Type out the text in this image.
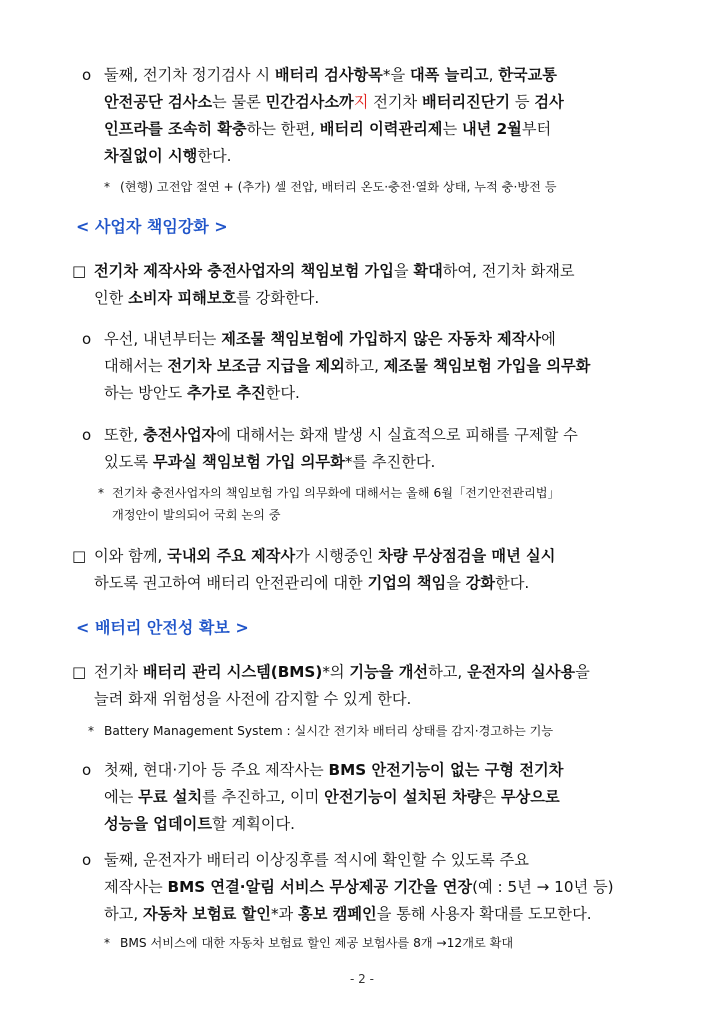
ο 둘째, 전기차 정기검사 시 배터리 검사항목*을 대폭 늘리고, 한국교통
안전공단 검사소는 물론 민간검사소까지 전기차 배터리진단기 등 검사
인프라를 조속히 확충하는 한편, 배터리 이력관리제는 내년 2월부터
차질없이 시행한다.
* (현행) 고전압 절연 + (추가) 셀 전압, 배터리 온도·충전·열화 상태, 누적 충·방전 등
< 사업자 책임강화 >
□ 전기차 제작사와 충전사업자의 책임보험 가입을 확대하여, 전기차 화재로
인한 소비자 피해보호를 강화한다.
ο 우선, 내년부터는 제조물 책임보험에 가입하지 않은 자동차 제작사에
대해서는 전기차 보조금 지급을 제외하고, 제조물 책임보험 가입을 의무화
하는 방안도 추가로 추진한다.
ο 또한, 충전사업자에 대해서는 화재 발생 시 실효적으로 피해를 구제할 수
있도록 무과실 책임보험 가입 의무화*를 추진한다.
* 전기차 충전사업자의 책임보험 가입 의무화에 대해서는 올해 6월「전기안전관리법」
개정안이 발의되어 국회 논의 중
□ 이와 함께, 국내외 주요 제작사가 시행중인 차량 무상점검을 매년 실시
하도록 권고하여 배터리 안전관리에 대한 기업의 책임을 강화한다.
< 배터리 안전성 확보 >
□ 전기차 배터리 관리 시스템(BMS)*의 기능을 개선하고, 운전자의 실사용을
늘려 화재 위험성을 사전에 감지할 수 있게 한다.
* Battery Management System : 실시간 전기차 배터리 상태를 감지·경고하는 기능
ο 첫째, 현대·기아 등 주요 제작사는 BMS 안전기능이 없는 구형 전기차
에는 무료 설치를 추진하고, 이미 안전기능이 설치된 차량은 무상으로
성능을 업데이트할 계획이다.
ο 둘째, 운전자가 배터리 이상징후를 적시에 확인할 수 있도록 주요
제작사는 BMS 연결·알림 서비스 무상제공 기간을 연장(예 : 5년 → 10년 등)
하고, 자동차 보험료 할인*과 홍보 캠페인을 통해 사용자 확대를 도모한다.
* BMS 서비스에 대한 자동차 보험료 할인 제공 보험사를 8개 →12개로 확대
- 2 -
